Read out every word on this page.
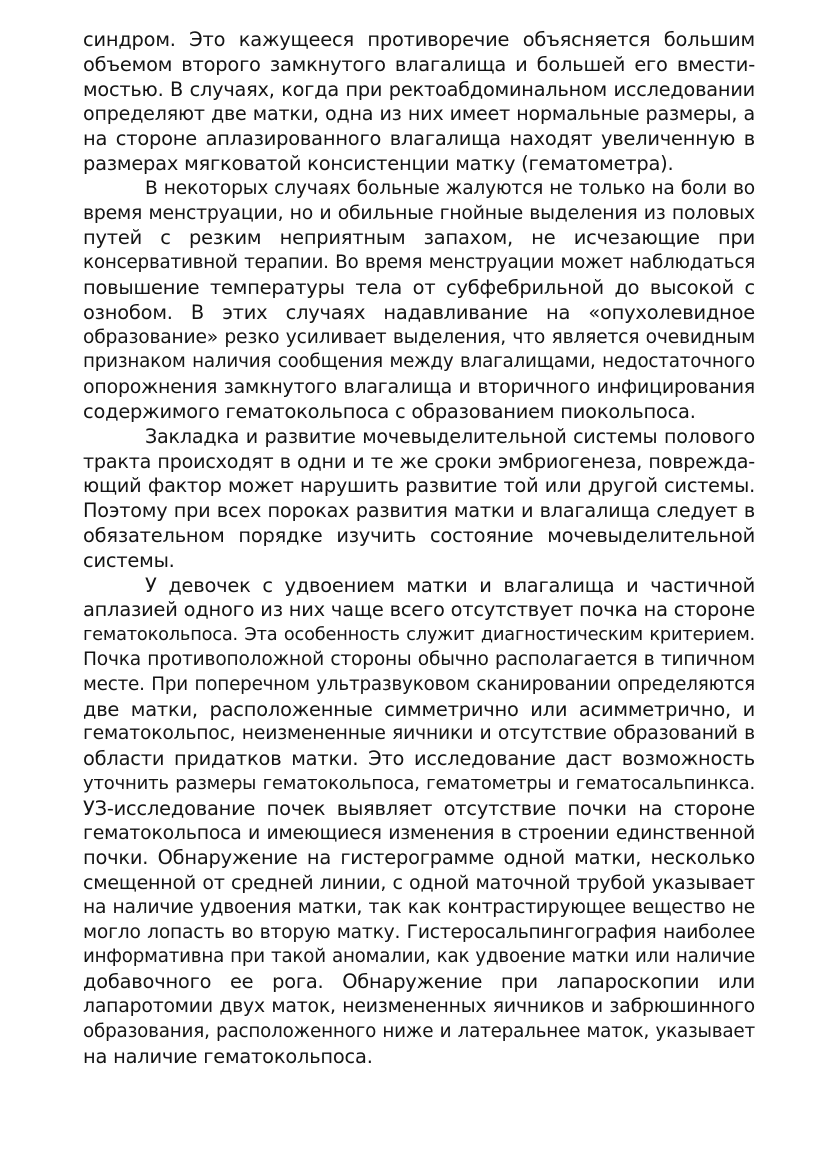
синдром. Это кажущееся противоречие объясняется большим
объемом второго замкнутого влагалища и большей его вмести-
мостью. В случаях, когда при ректоабдоминальном исследовании
определяют две матки, одна из них имеет нормальные размеры, а
на стороне аплазированного влагалища находят увеличенную в
размерах мягковатой консистенции матку (гематометра).
В некоторых случаях больные жалуются не только на боли во
время менструации, но и обильные гнойные выделения из половых
путей с резким неприятным запахом, не исчезающие при
консервативной терапии. Во время менструации может наблюдаться
повышение температуры тела от субфебрильной до высокой с
ознобом. В этих случаях надавливание на «опухолевидное
образование» резко усиливает выделения, что является очевидным
признаком наличия сообщения между влагалищами, недостаточного
опорожнения замкнутого влагалища и вторичного инфицирования
содержимого гематокольпоса с образованием пиокольпоса.
Закладка и развитие мочевыделительной системы полового
тракта происходят в одни и те же сроки эмбриогенеза, поврежда-
ющий фактор может нарушить развитие той или другой системы.
Поэтому при всех пороках развития матки и влагалища следует в
обязательном порядке изучить состояние мочевыделительной
системы.
У девочек с удвоением матки и влагалища и частичной
аплазией одного из них чаще всего отсутствует почка на стороне
гематокольпоса. Эта особенность служит диагностическим критерием.
Почка противоположной стороны обычно располагается в типичном
месте. При поперечном ультразвуковом сканировании определяются
две матки, расположенные симметрично или асимметрично, и
гематокольпос, неизмененные яичники и отсутствие образований в
области придатков матки. Это исследование даст возможность
уточнить размеры гематокольпоса, гематометры и гематосальпинкса.
УЗ-исследование почек выявляет отсутствие почки на стороне
гематокольпоса и имеющиеся изменения в строении единственной
почки. Обнаружение на гистерограмме одной матки, несколько
смещенной от средней линии, с одной маточной трубой указывает
на наличие удвоения матки, так как контрастирующее вещество не
могло лопасть во вторую матку. Гистеросальпингография наиболее
информативна при такой аномалии, как удвоение матки или наличие
добавочного ее рога. Обнаружение при лапароскопии или
лапаротомии двух маток, неизмененных яичников и забрюшинного
образования, расположенного ниже и латеральнее маток, указывает
на наличие гематокольпоса.
